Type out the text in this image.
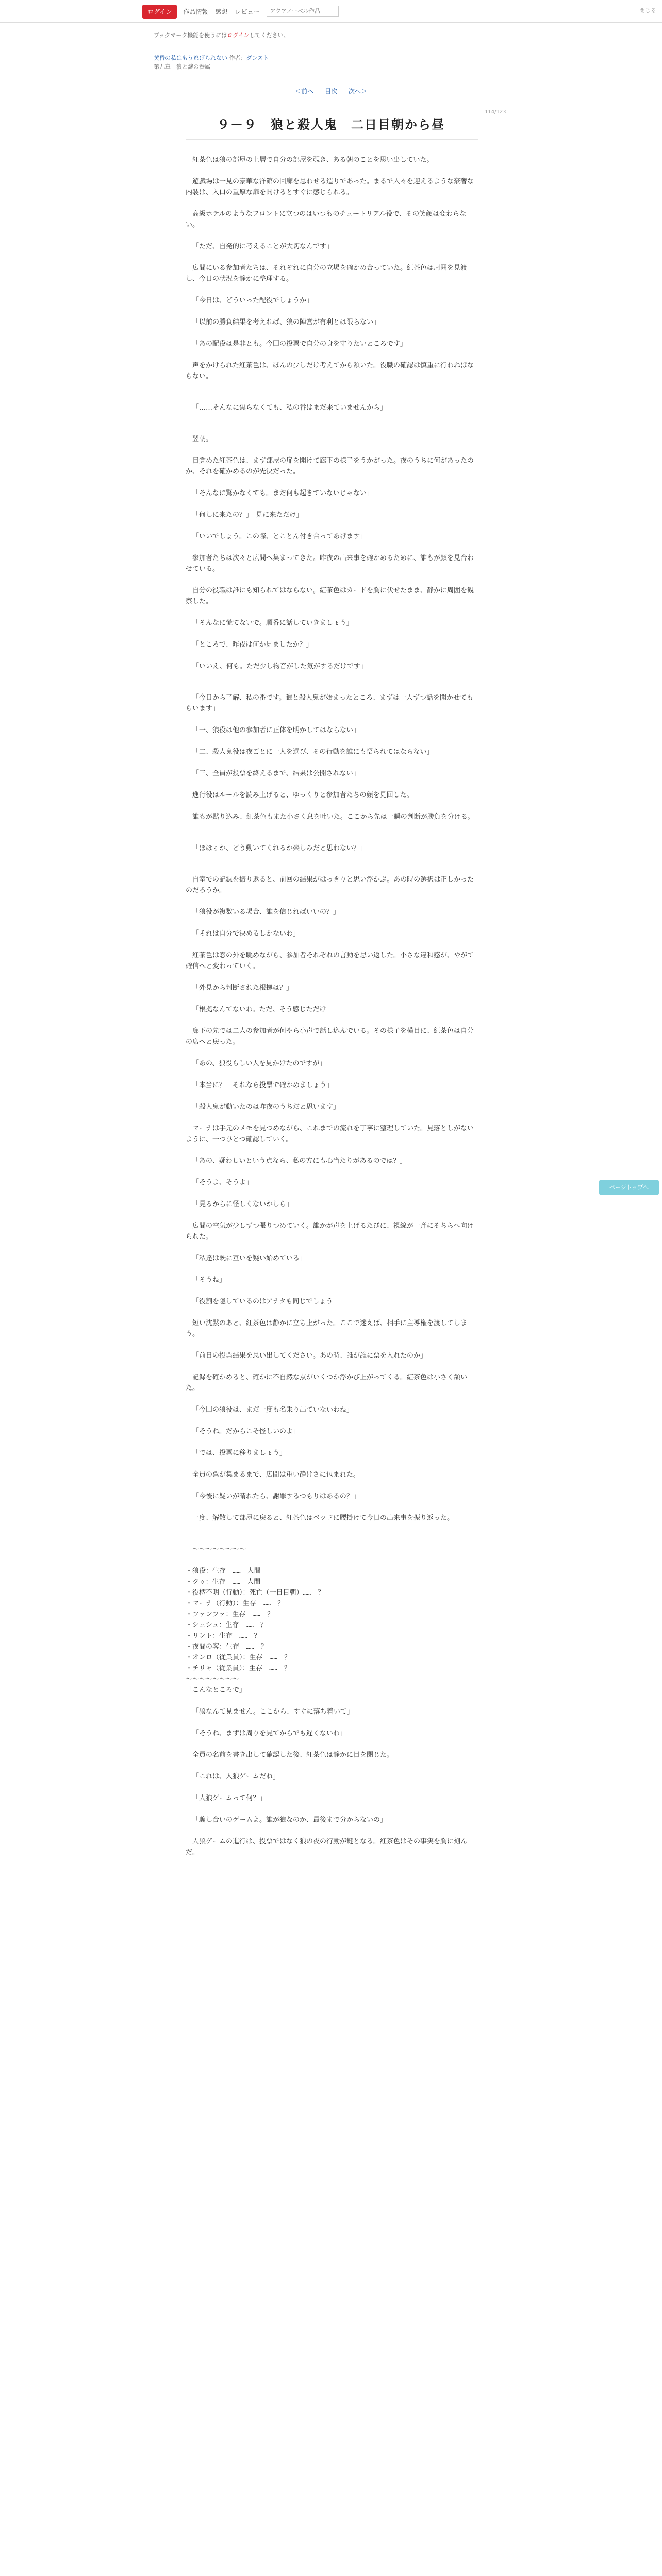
ログイン	作品情報 感想 レビュー
アクアノーベル作品	閉じる
ブックマーク機能を使うにはログインしてください。
黄昏の私はもう逃げられない 作者：ダンスト
第九章　狼と謎の眷属
＜前へ 目次 次へ＞
114/123
９－９　狼と殺人鬼　二日目朝から昼

紅茶色は狼の部屋の上層で自分の部屋を覗き、ある朝のことを思い出していた。

遊戯場は一見の豪華な洋館の回廊を思わせる造りであった。まるで人々を迎えるような豪奢な内装は、入口の重厚な扉を開けるとすぐに感じられる。

高級ホテルのようなフロントに立つのはいつものチュートリアル役で、その笑顔は変わらない。

「ただ、自発的に考えることが大切なんです」

広間にいる参加者たちは、それぞれに自分の立場を確かめ合っていた。紅茶色は周囲を見渡し、今日の状況を静かに整理する。

「今日は、どういった配役でしょうか」

「以前の勝負結果を考えれば、狼の陣営が有利とは限らない」

「あの配役は是非とも。今回の投票で自分の身を守りたいところです」

声をかけられた紅茶色は、ほんの少しだけ考えてから頷いた。役職の確認は慎重に行わねばならない。

「……そんなに焦らなくても、私の番はまだ来ていませんから」

翌朝。

目覚めた紅茶色は、まず部屋の扉を開けて廊下の様子をうかがった。夜のうちに何があったのか、それを確かめるのが先決だった。

「そんなに驚かなくても。まだ何も起きていないじゃない」

「何しに来たの？」「見に来ただけ」

「いいでしょう。この際、とことん付き合ってあげます」

参加者たちは次々と広間へ集まってきた。昨夜の出来事を確かめるために、誰もが顔を見合わせている。

自分の役職は誰にも知られてはならない。紅茶色はカードを胸に伏せたまま、静かに周囲を観察した。

「そんなに慌てないで。順番に話していきましょう」

「ところで、昨夜は何か見ましたか？」

「いいえ、何も。ただ少し物音がした気がするだけです」

「今日から了解、私の番です。狼と殺人鬼が始まったところ、まずは一人ずつ話を聞かせてもらいます」

「一、狼役は他の参加者に正体を明かしてはならない」

「二、殺人鬼役は夜ごとに一人を選び、その行動を誰にも悟られてはならない」

「三、全員が投票を終えるまで、結果は公開されない」

進行役はルールを読み上げると、ゆっくりと参加者たちの顔を見回した。

誰もが黙り込み、紅茶色もまた小さく息を吐いた。ここから先は一瞬の判断が勝負を分ける。

「ほほぅか、どう動いてくれるか楽しみだと思わない？」

自室での記録を振り返ると、前回の結果がはっきりと思い浮かぶ。あの時の選択は正しかったのだろうか。

「狼役が複数いる場合、誰を信じればいいの？」

「それは自分で決めるしかないわ」

紅茶色は窓の外を眺めながら、参加者それぞれの言動を思い返した。小さな違和感が、やがて確信へと変わっていく。

「外見から判断された根拠は？」

「根拠なんてないわ。ただ、そう感じただけ」

廊下の先では二人の参加者が何やら小声で話し込んでいる。その様子を横目に、紅茶色は自分の席へと戻った。

「あの、狼役らしい人を見かけたのですが」

「本当に？　それなら投票で確かめましょう」

「殺人鬼が動いたのは昨夜のうちだと思います」

マーナは手元のメモを見つめながら、これまでの流れを丁寧に整理していた。見落としがないように、一つひとつ確認していく。

「あの、疑わしいという点なら、私の方にも心当たりがあるのでは？」

「そうよ、そうよ」

「見るからに怪しくないかしら」

広間の空気が少しずつ張りつめていく。誰かが声を上げるたびに、視線が一斉にそちらへ向けられた。

「私達は既に互いを疑い始めている」

「そうね」

「役割を隠しているのはアナタも同じでしょう」

短い沈黙のあと、紅茶色は静かに立ち上がった。ここで迷えば、相手に主導権を渡してしまう。

「前日の投票結果を思い出してください。あの時、誰が誰に票を入れたのか」

記録を確かめると、確かに不自然な点がいくつか浮かび上がってくる。紅茶色は小さく頷いた。

「今回の狼役は、まだ一度も名乗り出ていないわね」

「そうね。だからこそ怪しいのよ」

「では、投票に移りましょう」

全員の票が集まるまで、広間は重い静けさに包まれた。

「今後に疑いが晴れたら、謝罪するつもりはあるの？」

一度、解散して部屋に戻ると、紅茶色はベッドに腰掛けて今日の出来事を振り返った。

～～～～～～～～

・狼役：生存　……　人間

・クゥ：生存　……　人間

・役柄不明（行動）：死亡（一日目朝）……　？

・マーナ（行動）：生存　……　？

・ファンファ：生存　……　？

・シュシュ：生存　……　？

・リント：生存　……　？

・夜間の客：生存　……　？

・オンロ（従業員）：生存　……　？

・チリャ（従業員）：生存　……　？

～～～～～～～～

「こんなところで」

「狼なんて見ません。ここから、すぐに落ち着いて」

「そうね、まずは周りを見てからでも遅くないわ」

全員の名前を書き出して確認した後、紅茶色は静かに目を閉じた。

「これは、人狼ゲームだね」

「人狼ゲームって何？」

「騙し合いのゲームよ。誰が狼なのか、最後まで分からないの」

人狼ゲームの進行は、投票ではなく狼の夜の行動が鍵となる。紅茶色はその事実を胸に刻んだ。

ページトップへ
